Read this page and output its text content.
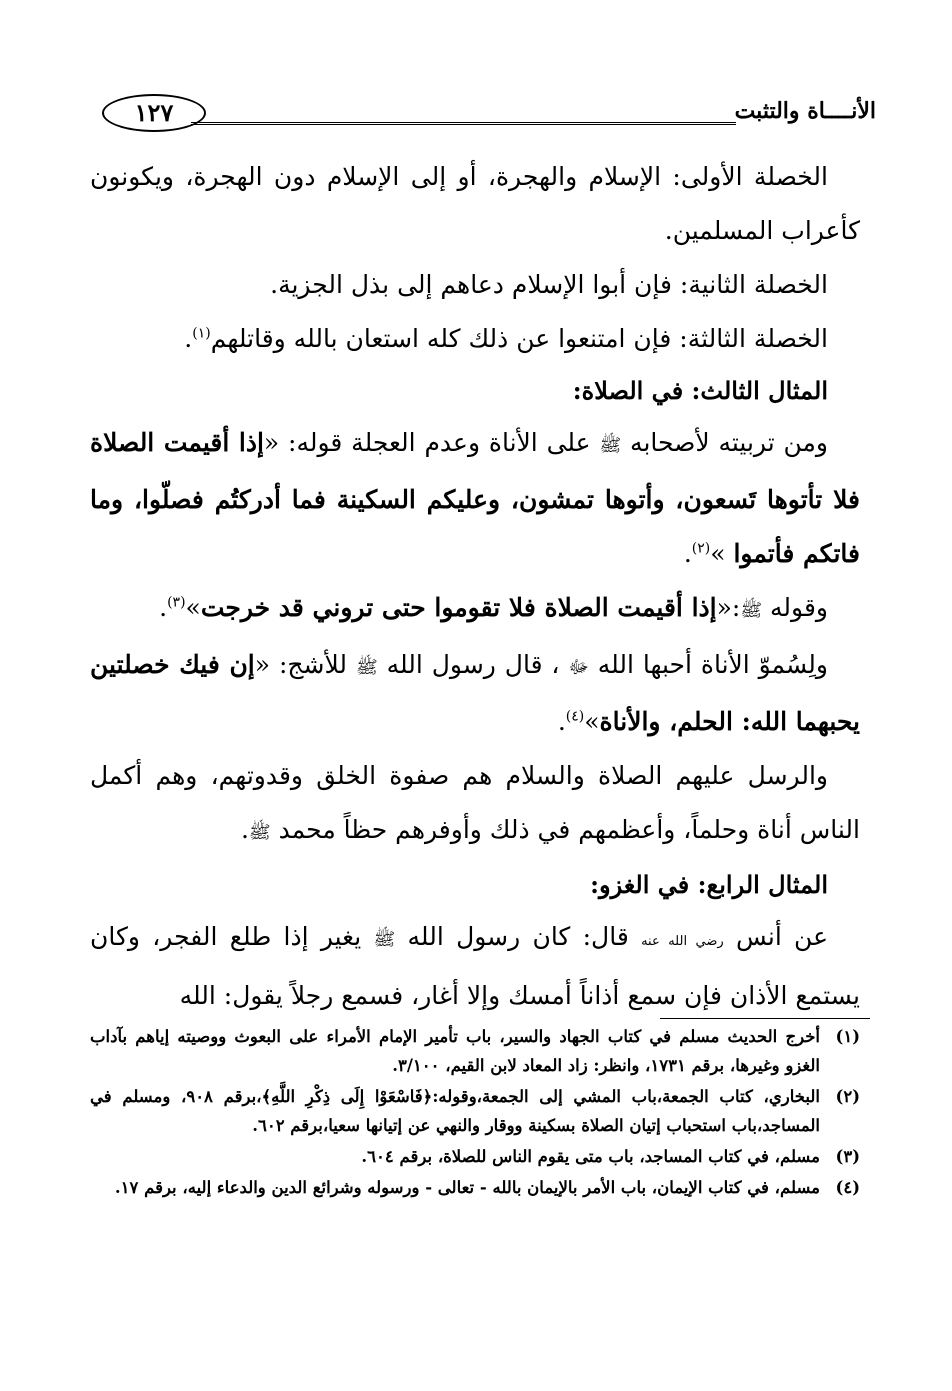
١٢٧	الأنــــاة والتثبت

الخصلة الأولى: الإسلام والهجرة، أو إلى الإسلام دون الهجرة، ويكونون كأعراب المسلمين.

الخصلة الثانية: فإن أبوا الإسلام دعاهم إلى بذل الجزية.

الخصلة الثالثة: فإن امتنعوا عن ذلك كله استعان بالله وقاتلهم$^{(١)}$.

المثال الثالث: في الصلاة:

ومن تربيته لأصحابه ﷺ على الأناة وعدم العجلة قوله: «إذا أقيمت الصلاة فلا تأتوها تَسعون، وأتوها تمشون، وعليكم السكينة فما أدركتُم فصلّوا، وما فاتكم فأتموا »$^{(٢)}$.

وقوله ﷺ:«إذا أقيمت الصلاة فلا تقوموا حتى تروني قد خرجت»$^{(٣)}$.

ولِسُموّ الأناة أحبها الله ﷻ ، قال رسول الله ﷺ للأشج: «إن فيك خصلتين يحبهما الله: الحلم، والأناة»$^{(٤)}$.

والرسل عليهم الصلاة والسلام هم صفوة الخلق وقدوتهم، وهم أكمل الناس أناة وحلماً، وأعظمهم في ذلك وأوفرهم حظاً محمد ﷺ.

المثال الرابع: في الغزو:

عن أنس رضي الله عنه قال: كان رسول الله ﷺ يغير إذا طلع الفجر، وكان يستمع الأذان فإن سمع أذاناً أمسك وإلا أغار، فسمع رجلاً يقول: الله

(١)
أخرج الحديث مسلم في كتاب الجهاد والسير، باب تأمير الإمام الأمراء على البعوث ووصيته إياهم بآداب الغزو وغيرها، برقم ١٧٣١، وانظر: زاد المعاد لابن القيم، ٣/١٠٠.
(٢)
البخاري، كتاب الجمعة،باب المشي إلى الجمعة،وقوله:﴿فَاسْعَوْا إِلَى ذِكْرِ اللَّهِ﴾،برقم ٩٠٨، ومسلم في المساجد،باب استحباب إتيان الصلاة بسكينة ووقار والنهي عن إتيانها سعيا،برقم ٦٠٢.
(٣)
مسلم، في كتاب المساجد، باب متى يقوم الناس للصلاة، برقم ٦٠٤.
(٤)
مسلم، في كتاب الإيمان، باب الأمر بالإيمان بالله - تعالى - ورسوله وشرائع الدين والدعاء إليه، برقم ١٧.
